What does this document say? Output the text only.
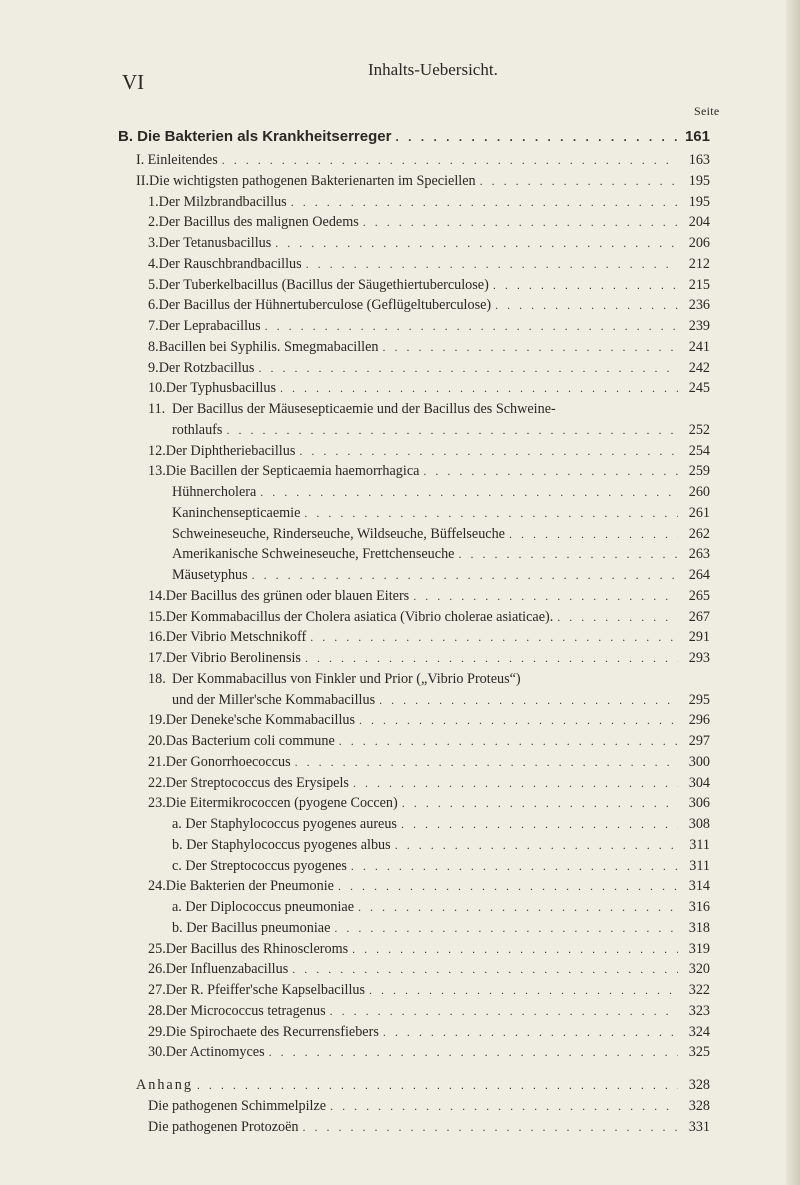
VI
Inhalts-Uebersicht.
Seite
B. Die Bakterien als Krankheitserreger . . .	161
I. Einleitendes . . .	163
II. Die wichtigsten pathogenen Bakterienarten im Speciellen . . .	195
1. Der Milzbrandbacillus . . .	195
2. Der Bacillus des malignen Oedems . . .	204
3. Der Tetanusbacillus . . .	206
4. Der Rauschbrandbacillus . . .	212
5. Der Tuberkelbacillus (Bacillus der Säugethiertuberculose) . . .	215
6. Der Bacillus der Hühnertuberculose (Geflügeltuberculose) . . .	236
7. Der Leprabacillus . . .	239
8. Bacillen bei Syphilis. Smegmabacillen . . .	241
9. Der Rotzbacillus . . .	242
10. Der Typhusbacillus . . .	245
11. Der Bacillus der Mäusesepticaemie und der Bacillus des Schweine-
rothlaufs . . .	252
12. Der Diphtheriebacillus . . .	254
13. Die Bacillen der Septicaemia haemorrhagica . . .	259
Hühnercholera . . .	260
Kaninchensepticaemie . . .	261
Schweineseuche, Rinderseuche, Wildseuche, Büffelseuche . . .	262
Amerikanische Schweineseuche, Frettchenseuche . . .	263
Mäusetyphus . . .	264
14. Der Bacillus des grünen oder blauen Eiters . . .	265
15. Der Kommabacillus der Cholera asiatica (Vibrio cholerae asiaticae). . . .	267
16. Der Vibrio Metschnikoff . . .	291
17. Der Vibrio Berolinensis . . .	293
18. Der Kommabacillus von Finkler und Prior („Vibrio Proteus“)
und der Miller'sche Kommabacillus . . .	295
19. Der Deneke'sche Kommabacillus . . .	296
20. Das Bacterium coli commune . . .	297
21. Der Gonorrhoecoccus . . .	300
22. Der Streptococcus des Erysipels . . .	304
23. Die Eitermikrococcen (pyogene Coccen) . . .	306
a. Der Staphylococcus pyogenes aureus . . .	308
b. Der Staphylococcus pyogenes albus . . .	311
c. Der Streptococcus pyogenes . . .	311
24. Die Bakterien der Pneumonie . . .	314
a. Der Diplococcus pneumoniae . . .	316
b. Der Bacillus pneumoniae . . .	318
25. Der Bacillus des Rhinoscleroms . . .	319
26. Der Influenzabacillus . . .	320
27. Der R. Pfeiffer'sche Kapselbacillus . . .	322
28. Der Micrococcus tetragenus . . .	323
29. Die Spirochaete des Recurrensfiebers . . .	324
30. Der Actinomyces . . .	325
Anhang . . .	328
Die pathogenen Schimmelpilze . . .	328
Die pathogenen Protozoën . . .	331
